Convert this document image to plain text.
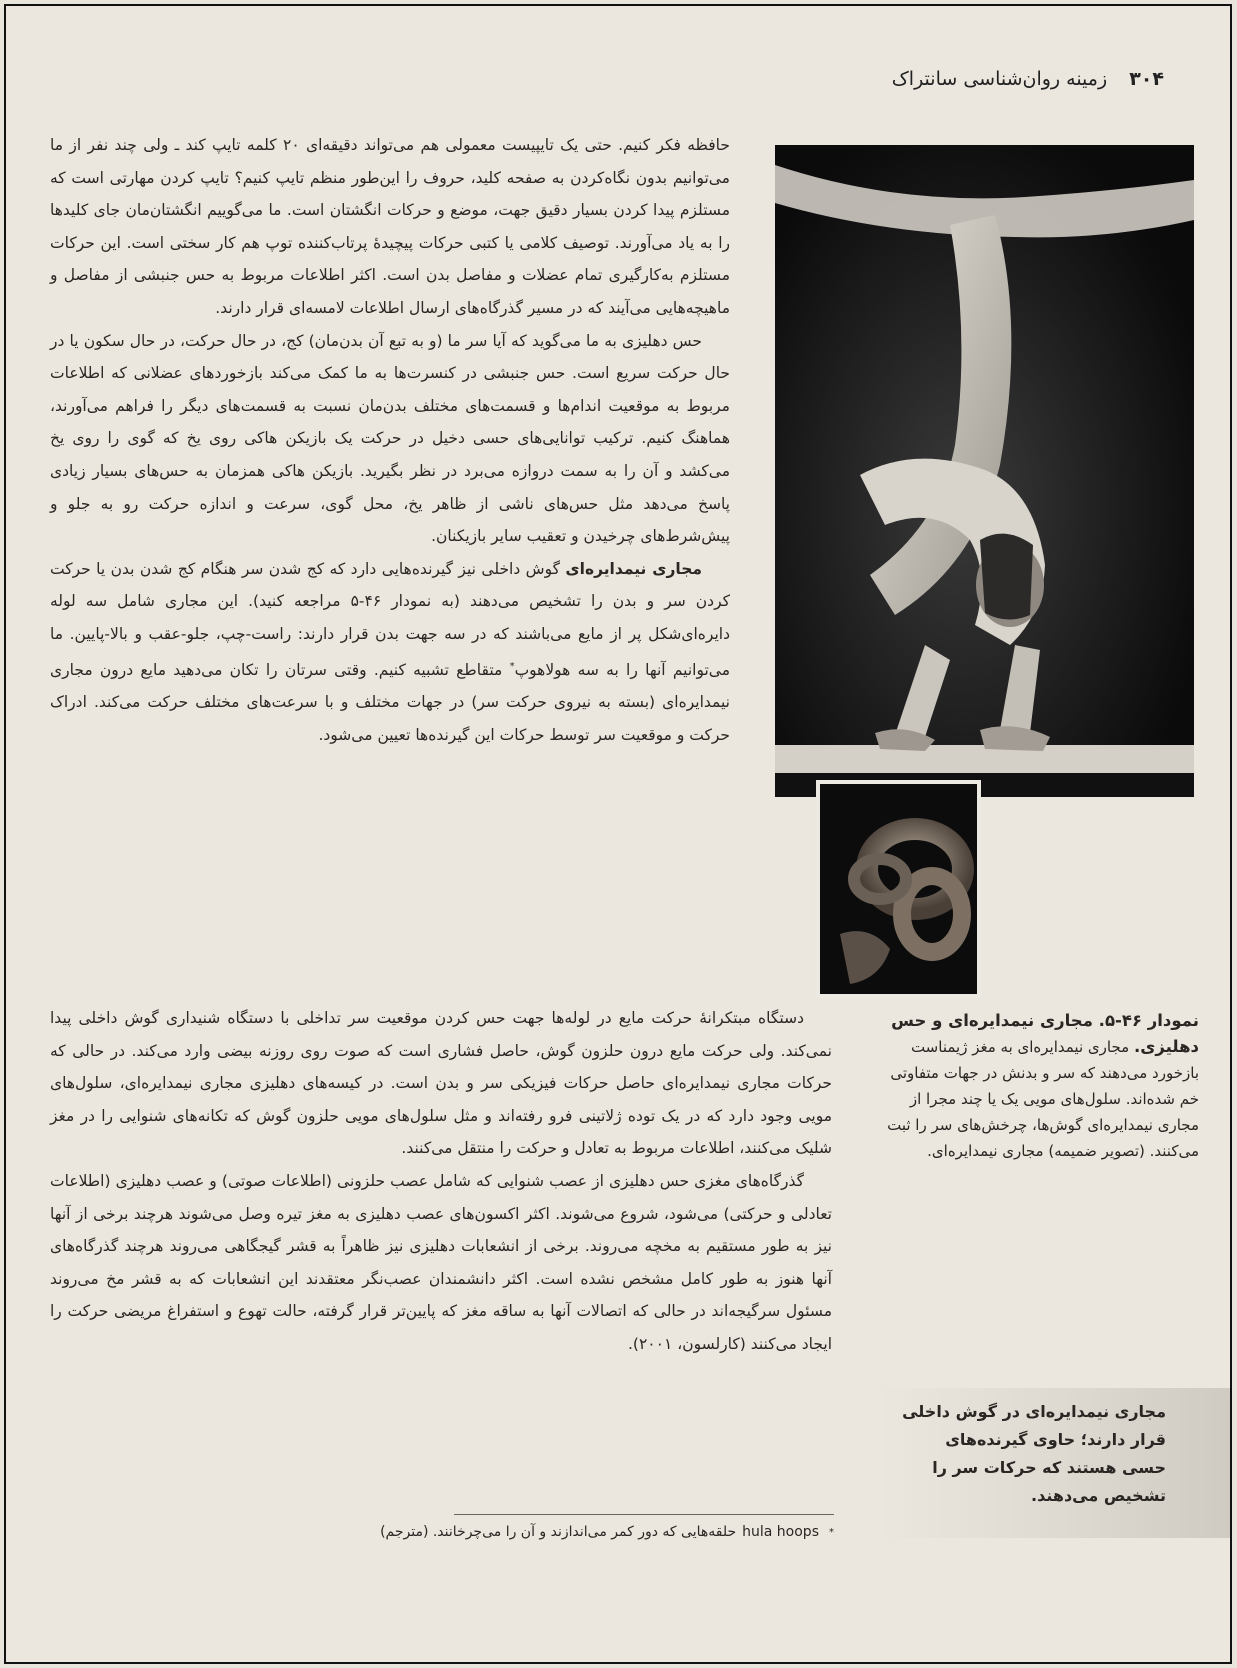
۳۰۴ زمینه روان‌شناسی سانتراک

حافظه فکر کنیم. حتی یک تایپیست معمولی هم می‌تواند دقیقه‌ای ۲۰ کلمه تایپ کند ـ ولی چند نفر از ما می‌توانیم بدون نگاه‌کردن به صفحه کلید، حروف را این‌طور منظم تایپ کنیم؟ تایپ کردن مهارتی است که مستلزم پیدا کردن بسیار دقیق جهت، موضع و حرکات انگشتان است. ما می‌گوییم انگشتان‌مان جای کلیدها را به یاد می‌آورند. توصیف کلامی یا کتبی حرکات پیچیدهٔ پرتاب‌کننده توپ هم کار سختی است. این حرکات مستلزم به‌کارگیری تمام عضلات و مفاصل بدن است. اکثر اطلاعات مربوط به حس جنبشی از مفاصل و ماهیچه‌هایی می‌آیند که در مسیر گذرگاه‌های ارسال اطلاعات لامسه‌ای قرار دارند.

حس دهلیزی به ما می‌گوید که آیا سر ما (و به تبع آن بدن‌مان) کج، در حال حرکت، در حال سکون یا در حال حرکت سریع است. حس جنبشی در کنسرت‌ها به ما کمک می‌کند بازخوردهای عضلانی که اطلاعات مربوط به موقعیت اندام‌ها و قسمت‌های مختلف بدن‌مان نسبت به قسمت‌های دیگر را فراهم می‌آورند، هماهنگ کنیم. ترکیب توانایی‌های حسی دخیل در حرکت یک بازیکن هاکی روی یخ که گوی را روی یخ می‌کشد و آن را به سمت دروازه می‌برد در نظر بگیرید. بازیکن هاکی همزمان به حس‌های بسیار زیادی پاسخ می‌دهد مثل حس‌های ناشی از ظاهر یخ، محل گوی، سرعت و اندازه حرکت رو به جلو و پیش‌شرط‌های چرخیدن و تعقیب سایر بازیکنان.

مجاری نیمدایره‌ای گوش داخلی نیز گیرنده‌هایی دارد که کج شدن سر هنگام کج شدن بدن یا حرکت کردن سر و بدن را تشخیص می‌دهند (به نمودار ۴۶-۵ مراجعه کنید). این مجاری شامل سه لوله دایره‌ای‌شکل پر از مایع می‌باشند که در سه جهت بدن قرار دارند: راست-چپ، جلو-عقب و بالا-پایین. ما می‌توانیم آنها را به سه هولاهوپ* متقاطع تشبیه کنیم. وقتی سرتان را تکان می‌دهید مایع درون مجاری نیمدایره‌ای (بسته به نیروی حرکت سر) در جهات مختلف و با سرعت‌های مختلف حرکت می‌کند. ادراک حرکت و موقعیت سر توسط حرکات این گیرنده‌ها تعیین می‌شود.

نمودار ۴۶-۵. مجاری نیمدایره‌ای و حس دهلیزی. مجاری نیمدایره‌ای به مغز ژیمناست بازخورد می‌دهند که سر و بدنش در جهات متفاوتی خم شده‌اند. سلول‌های مویی یک یا چند مجرا از مجاری نیمدایره‌ای گوش‌ها، چرخش‌های سر را ثبت می‌کنند. (تصویر ضمیمه) مجاری نیمدایره‌ای.

دستگاه مبتکرانهٔ حرکت مایع در لوله‌ها جهت حس کردن موقعیت سر تداخلی با دستگاه شنیداری گوش داخلی پیدا نمی‌کند. ولی حرکت مایع درون حلزون گوش، حاصل فشاری است که صوت روی روزنه بیضی وارد می‌کند. در حالی که حرکات مجاری نیمدایره‌ای حاصل حرکات فیزیکی سر و بدن است. در کیسه‌های دهلیزی مجاری نیمدایره‌ای، سلول‌های مویی وجود دارد که در یک توده ژلاتینی فرو رفته‌اند و مثل سلول‌های مویی حلزون گوش که تکانه‌های شنوایی را در مغز شلیک می‌کنند، اطلاعات مربوط به تعادل و حرکت را منتقل می‌کنند.

گذرگاه‌های مغزی حس دهلیزی از عصب شنوایی که شامل عصب حلزونی (اطلاعات صوتی) و عصب دهلیزی (اطلاعات تعادلی و حرکتی) می‌شود، شروع می‌شوند. اکثر اکسون‌های عصب دهلیزی به مغز تیره وصل می‌شوند هرچند برخی از آنها نیز به طور مستقیم به مخچه می‌روند. برخی از انشعابات دهلیزی نیز ظاهراً به قشر گیجگاهی می‌روند هرچند گذرگاه‌های آنها هنوز به طور کامل مشخص نشده است. اکثر دانشمندان عصب‌نگر معتقدند این انشعابات که به قشر مخ می‌روند مسئول سرگیجه‌اند در حالی که اتصالات آنها به ساقه مغز که پایین‌تر قرار گرفته، حالت تهوع و استفراغ مریضی حرکت را ایجاد می‌کنند (کارلسون، ۲۰۰۱).

مجاری نیمدایره‌ای در گوش داخلی قرار دارند؛ حاوی گیرنده‌های حسی هستند که حرکات سر را تشخیص می‌دهند.
*hula hoopsحلقه‌هایی که دور کمر می‌اندازند و آن را می‌چرخانند. (مترجم)
